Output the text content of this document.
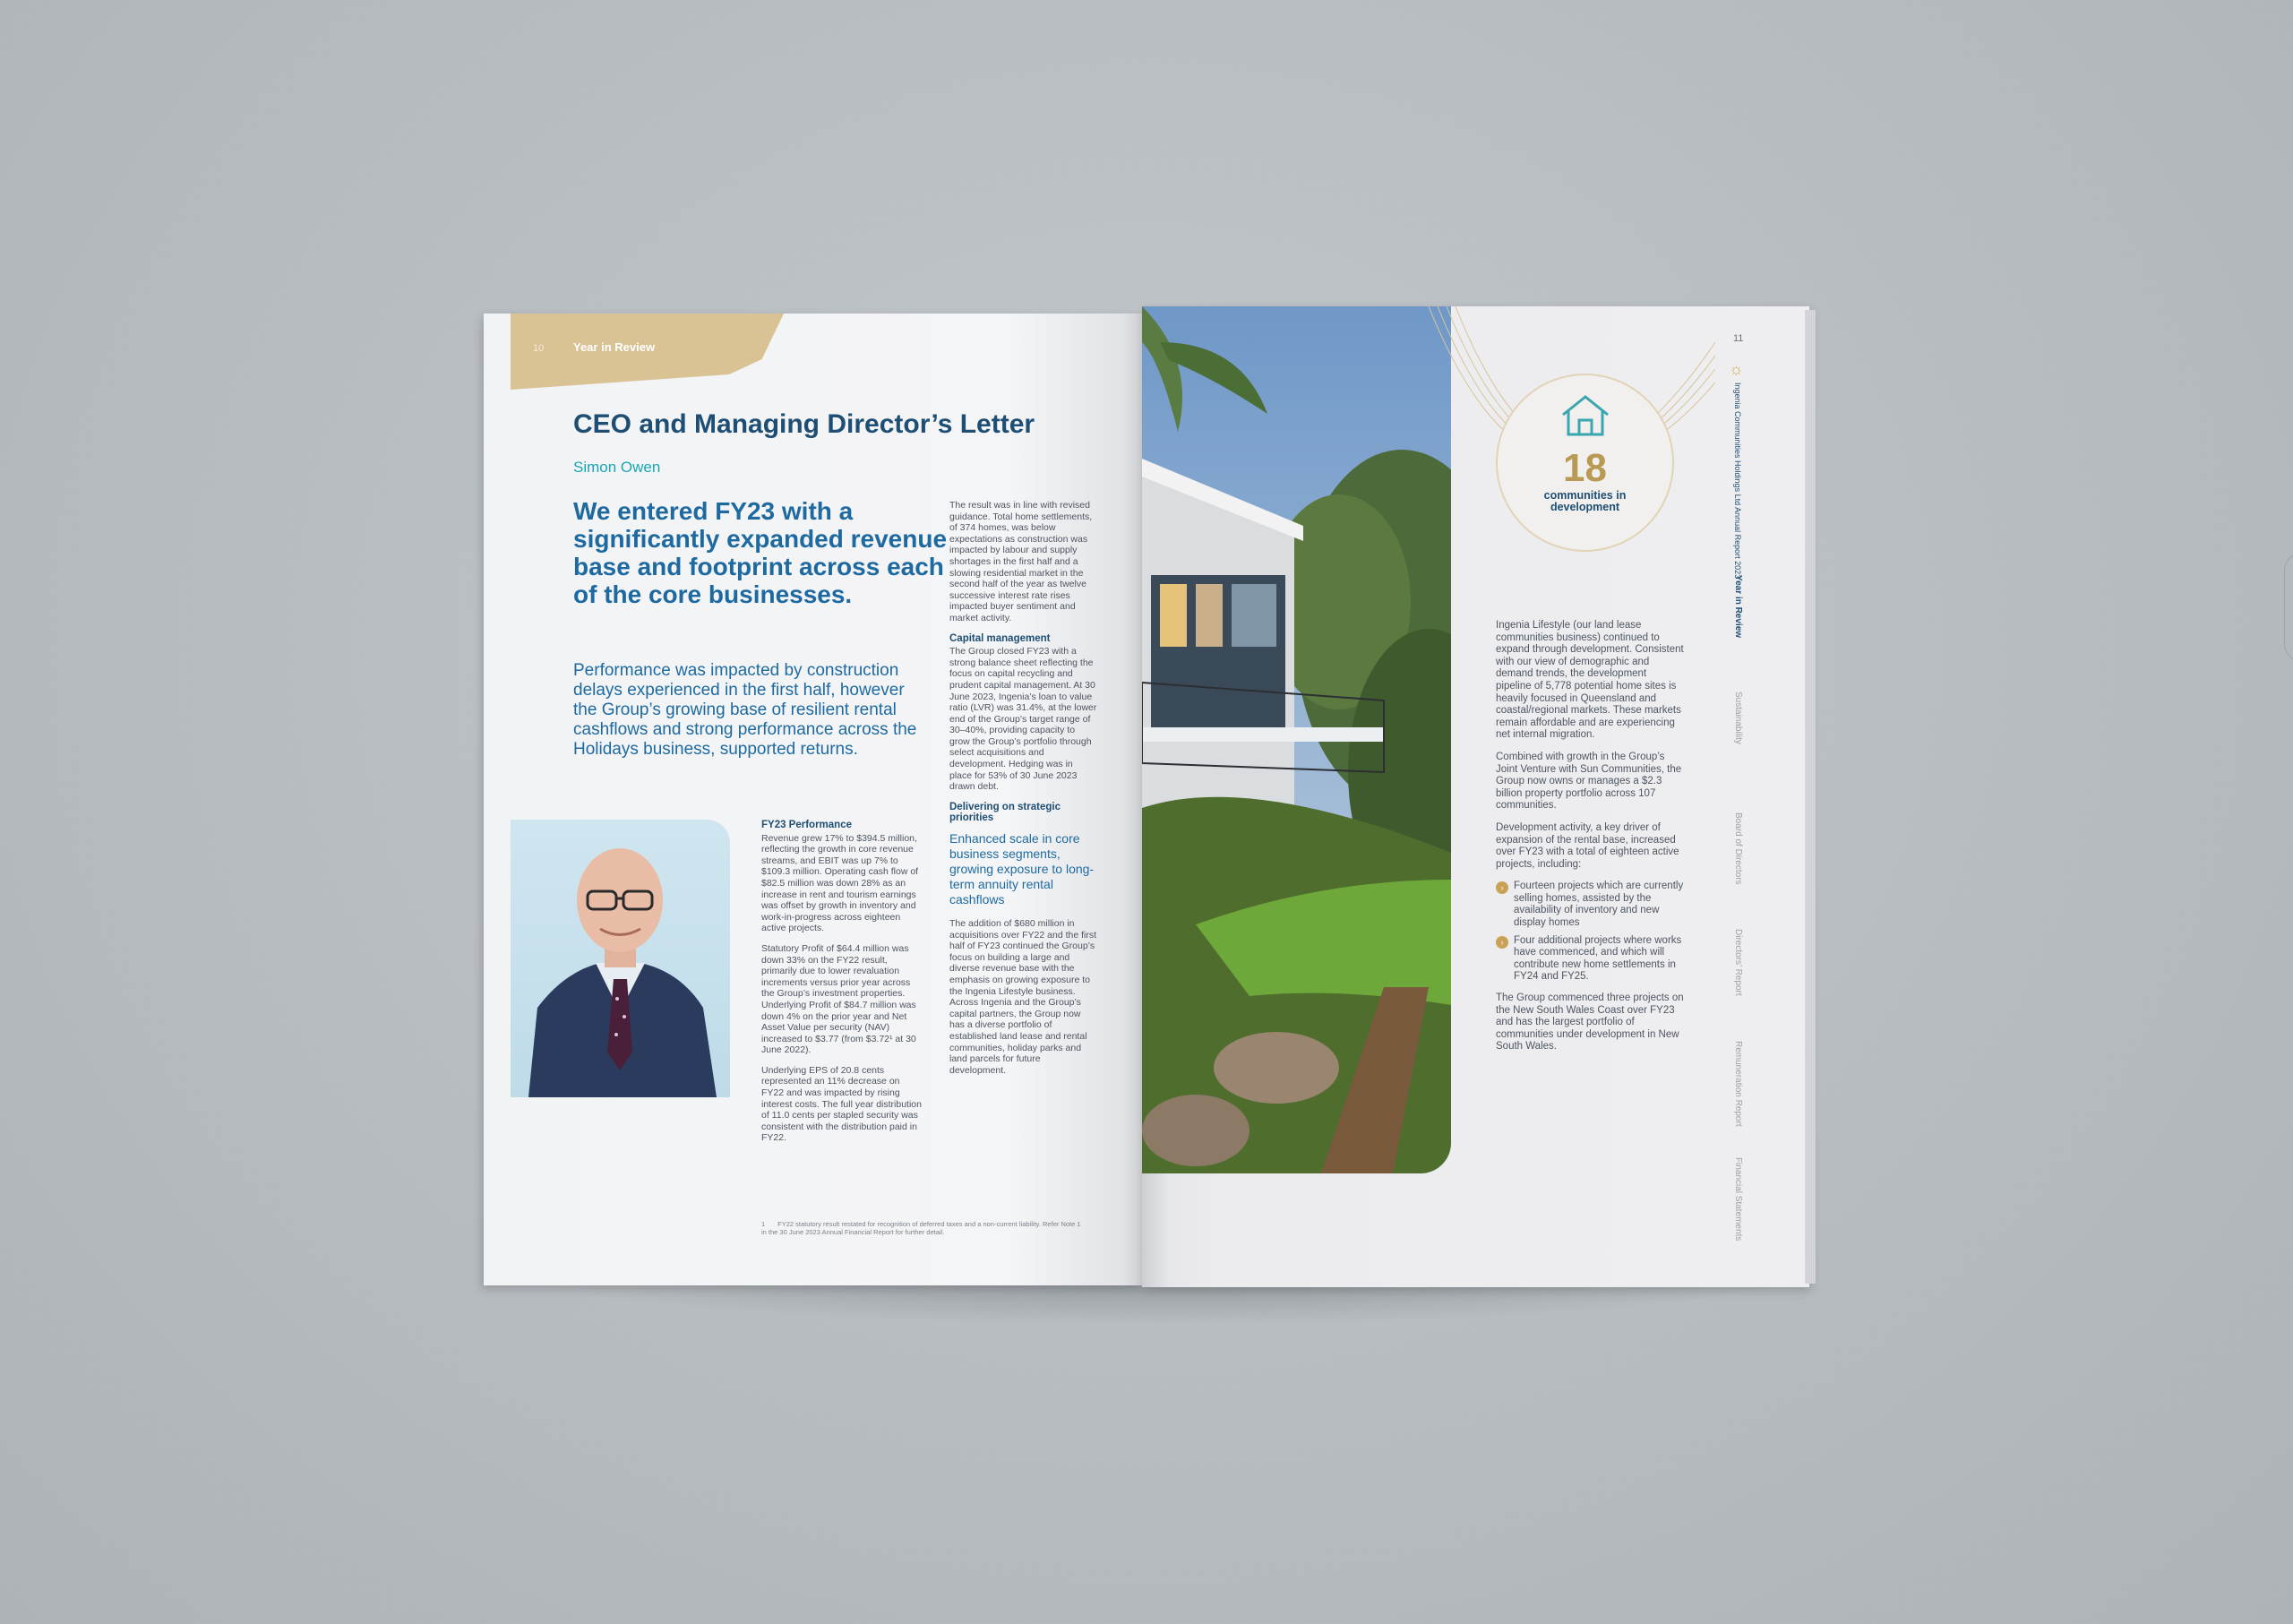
10	Year in Review
CEO and Managing Director’s Letter
Simon Owen
We entered FY23 with a significantly expanded revenue base and footprint across each of the core businesses.
Performance was impacted by construction delays experienced in the first half, however the Group’s growing base of resilient rental cashflows and strong performance across the Holidays business, supported returns.
FY23 Performance

Revenue grew 17% to $394.5 million, reflecting the growth in core revenue streams, and EBIT was up 7% to $109.3 million. Operating cash flow of $82.5 million was down 28% as an increase in rent and tourism earnings was offset by growth in inventory and work-in-progress across eighteen active projects.

Statutory Profit of $64.4 million was down 33% on the FY22 result, primarily due to lower revaluation increments versus prior year across the Group’s investment properties. Underlying Profit of $84.7 million was down 4% on the prior year and Net Asset Value per security (NAV) increased to $3.77 (from $3.72¹ at 30 June 2022).

Underlying EPS of 20.8 cents represented an 11% decrease on FY22 and was impacted by rising interest costs. The full year distribution of 11.0 cents per stapled security was consistent with the distribution paid in FY22.

The result was in line with revised guidance. Total home settlements, of 374 homes, was below expectations as construction was impacted by labour and supply shortages in the first half and a slowing residential market in the second half of the year as twelve successive interest rate rises impacted buyer sentiment and market activity.

Capital management

The Group closed FY23 with a strong balance sheet reflecting the focus on capital recycling and prudent capital management. At 30 June 2023, Ingenia’s loan to value ratio (LVR) was 31.4%, at the lower end of the Group’s target range of 30–40%, providing capacity to grow the Group’s portfolio through select acquisitions and development. Hedging was in place for 53% of 30 June 2023 drawn debt.

Delivering on strategic priorities
Enhanced scale in core business segments, growing exposure to long-term annuity rental cashflows

The addition of $680 million in acquisitions over FY22 and the first half of FY23 continued the Group’s focus on building a large and diverse revenue base with the emphasis on growing exposure to the Ingenia Lifestyle business. Across Ingenia and the Group’s capital partners, the Group now has a diverse portfolio of established land lease and rental communities, holiday parks and land parcels for future development.

1 FY22 statutory result restated for recognition of deferred taxes and a non-current liability. Refer Note 1 in the 30 June 2023 Annual Financial Report for further detail.
18
communities in development

Ingenia Lifestyle (our land lease communities business) continued to expand through development. Consistent with our view of demographic and demand trends, the development pipeline of 5,778 potential home sites is heavily focused in Queensland and coastal/regional markets. These markets remain affordable and are experiencing net internal migration.

Combined with growth in the Group’s Joint Venture with Sun Communities, the Group now owns or manages a $2.3 billion property portfolio across 107 communities.

Development activity, a key driver of expansion of the rental base, increased over FY23 with a total of eighteen active projects, including:

›	Fourteen projects which are currently selling homes, assisted by the availability of inventory and new display homes
›	Four additional projects where works have commenced, and which will contribute new home settlements in FY24 and FY25.

The Group commenced three projects on the New South Wales Coast over FY23 and has the largest portfolio of communities under development in New South Wales.

11
☼
Ingenia Communities Holdings Ltd Annual Report 2023
Year in Review
Sustainability
Board of Directors
Directors’ Report
Remuneration Report
Financial Statements
